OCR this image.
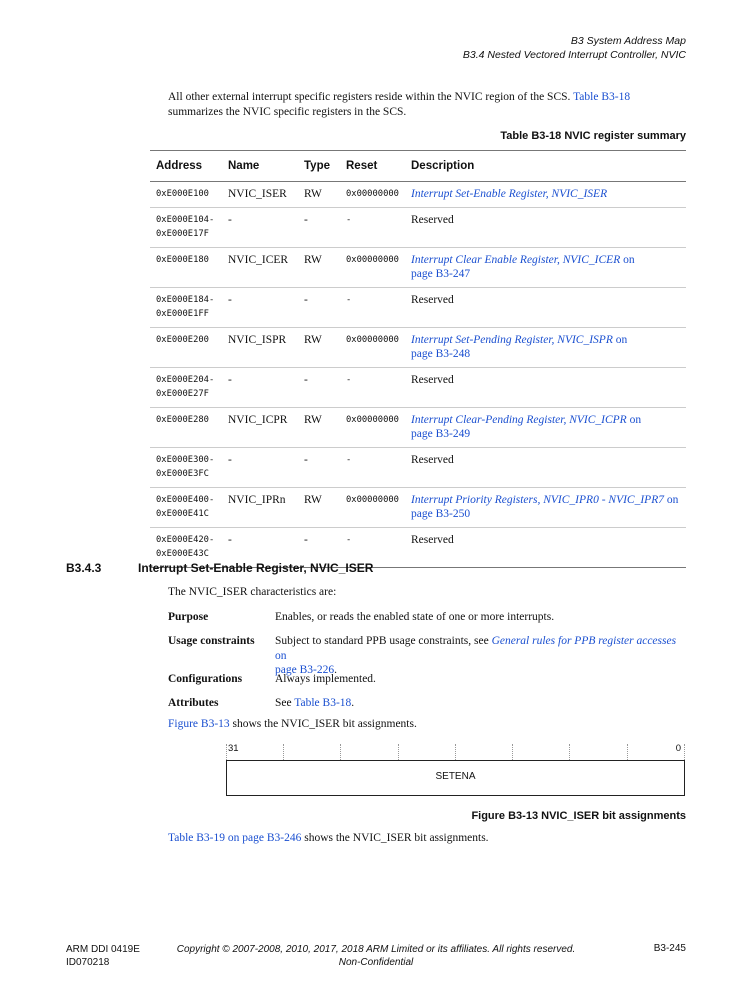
B3 System Address Map
B3.4 Nested Vectored Interrupt Controller, NVIC
All other external interrupt specific registers reside within the NVIC region of the SCS. Table B3-18 summarizes the NVIC specific registers in the SCS.
Table B3-18 NVIC register summary
Address	Name	Type	Reset	Description
0xE000E100	NVIC_ISER	RW	0x00000000	Interrupt Set-Enable Register, NVIC_ISER
0xE000E104-
0xE000E17F	-	-	-	Reserved
0xE000E180	NVIC_ICER	RW	0x00000000	Interrupt Clear Enable Register, NVIC_ICER on
page B3-247
0xE000E184-
0xE000E1FF	-	-	-	Reserved
0xE000E200	NVIC_ISPR	RW	0x00000000	Interrupt Set-Pending Register, NVIC_ISPR on
page B3-248
0xE000E204-
0xE000E27F	-	-	-	Reserved
0xE000E280	NVIC_ICPR	RW	0x00000000	Interrupt Clear-Pending Register, NVIC_ICPR on
page B3-249
0xE000E300-
0xE000E3FC	-	-	-	Reserved
0xE000E400-
0xE000E41C	NVIC_IPRn	RW	0x00000000	Interrupt Priority Registers, NVIC_IPR0 - NVIC_IPR7 on
page B3-250
0xE000E420-
0xE000E43C	-	-	-	Reserved
B3.4.3	Interrupt Set-Enable Register, NVIC_ISER
The NVIC_ISER characteristics are:
Purpose	Enables, or reads the enabled state of one or more interrupts.
Usage constraints	Subject to standard PPB usage constraints, see General rules for PPB register accesses on
page B3-226.
Configurations	Always implemented.
Attributes	See Table B3-18.
Figure B3-13 shows the NVIC_ISER bit assignments.
31	0
SETENA
Figure B3-13 NVIC_ISER bit assignments
Table B3-19 on page B3-246 shows the NVIC_ISER bit assignments.
ARM DDI 0419E
ID070218
Copyright © 2007-2008, 2010, 2017, 2018 ARM Limited or its affiliates. All rights reserved.
Non-Confidential
B3-245
